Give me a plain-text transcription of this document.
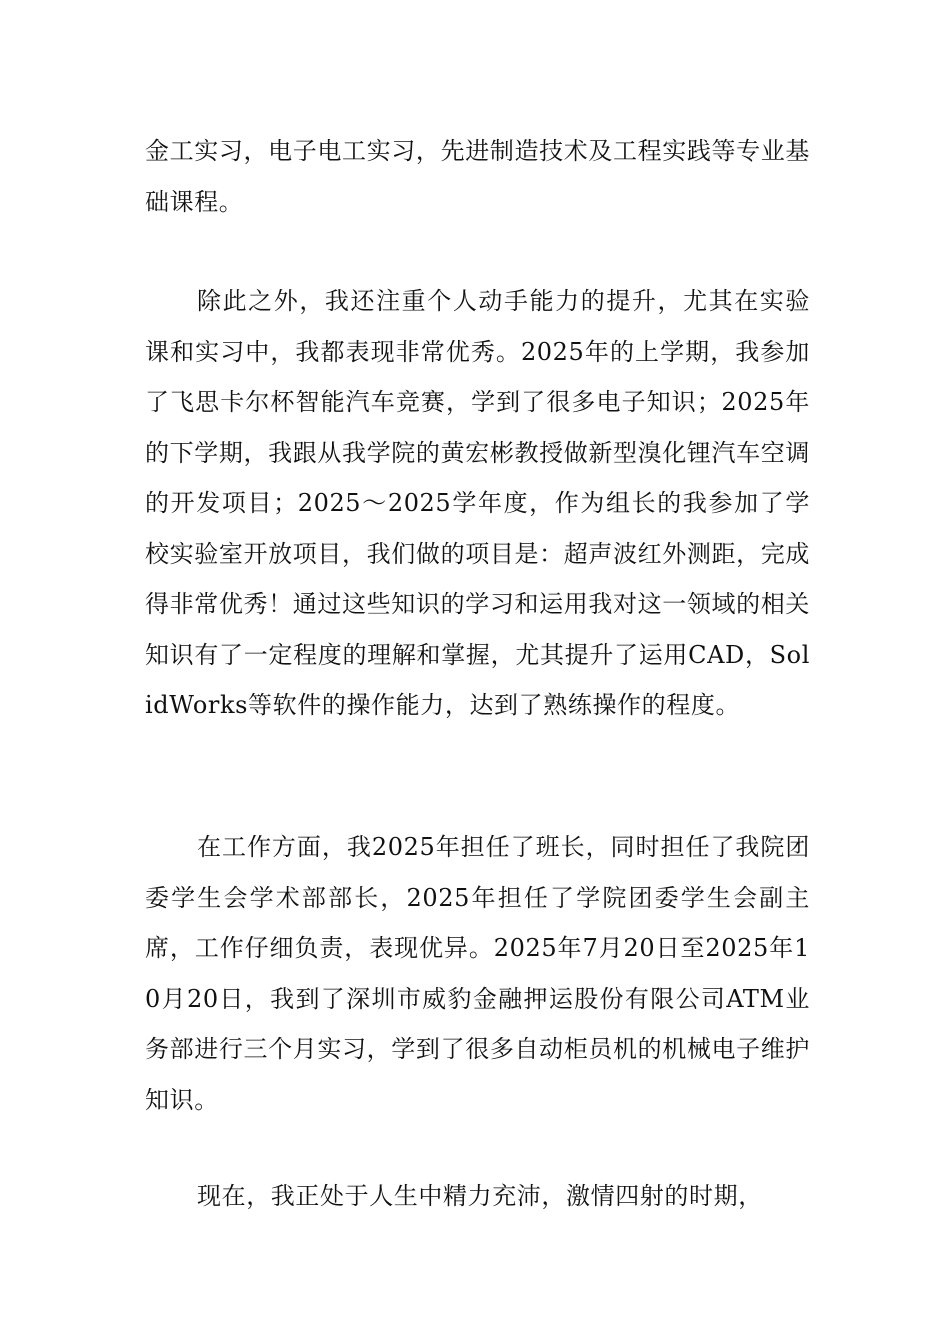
金工实习，电子电工实习，先进制造技术及工程实践等专业基础课程。

除此之外，我还注重个人动手能力的提升，尤其在实验课和实习中，我都表现非常优秀。2025年的上学期，我参加了飞思卡尔杯智能汽车竞赛，学到了很多电子知识；2025年的下学期，我跟从我学院的黄宏彬教授做新型溴化锂汽车空调的开发项目；2025～2025学年度，作为组长的我参加了学校实验室开放项目，我们做的项目是：超声波红外测距，完成得非常优秀！通过这些知识的学习和运用我对这一领域的相关知识有了一定程度的理解和掌握，尤其提升了运用CAD，SolidWorks等软件的操作能力，达到了熟练操作的程度。

在工作方面，我2025年担任了班长，同时担任了我院团委学生会学术部部长，2025年担任了学院团委学生会副主席，工作仔细负责，表现优异。2025年7月20日至2025年10月20日，我到了深圳市威豹金融押运股份有限公司ATM业务部进行三个月实习，学到了很多自动柜员机的机械电子维护知识。

现在，我正处于人生中精力充沛，激情四射的时期，
